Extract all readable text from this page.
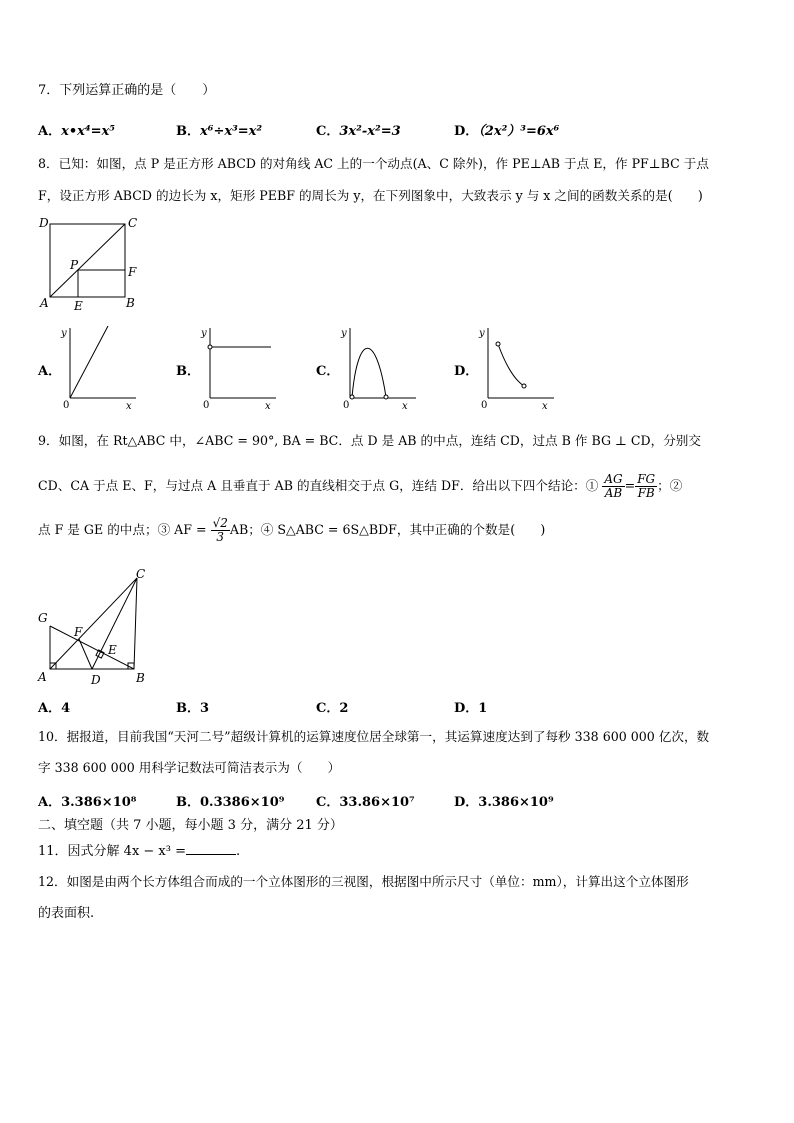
7．下列运算正确的是（　　）
A．x•x⁴=x⁵	B．x⁶÷x³=x²	C．3x²-x²=3	D．（2x²）³=6x⁶
8．已知：如图，点 P 是正方形 ABCD 的对角线 AC 上的一个动点(A、C 除外)，作 PE⊥AB 于点 E，作 PF⊥BC 于点
F，设正方形 ABCD 的边长为 x，矩形 PEBF 的周长为 y，在下列图象中，大致表示 y 与 x 之间的函数关系的是(　　)
D	C
P	F
A E	B
A．
y
0	x
B．
y
0	x
C．
y
0	x
D．
y
0	x
9．如图，在 Rt△ABC 中，∠ABC = 90°, BA = BC．点 D 是 AB 的中点，连结 CD，过点 B 作 BG ⊥ CD，分别交
CD、CA 于点 E、F，与过点 A 且垂直于 AB 的直线相交于点 G，连结 DF．给出以下四个结论：① $\frac{AG}{AB} = \frac{FG}{FB}$ ；②
点 F 是 GE 的中点；③ AF = $\frac{√2}{3}$ AB；④ S△ABC = 6S△BDF，其中正确的个数是(　　)
G
F
E
C
A	D	B
A．4	B．3	C．2	D．1
10．据报道，目前我国“天河二号”超级计算机的运算速度位居全球第一，其运算速度达到了每秒 338 600 000 亿次，数
字 338 600 000 用科学记数法可简洁表示为（　　）
A．3.386×10⁸	B．0.3386×10⁹ C．33.86×10⁷	D．3.386×10⁹
二、填空题（共 7 小题，每小题 3 分，满分 21 分）
11．因式分解 4x − x³ =	.
12．如图是由两个长方体组合而成的一个立体图形的三视图，根据图中所示尺寸（单位：mm），计算出这个立体图形
的表面积.
